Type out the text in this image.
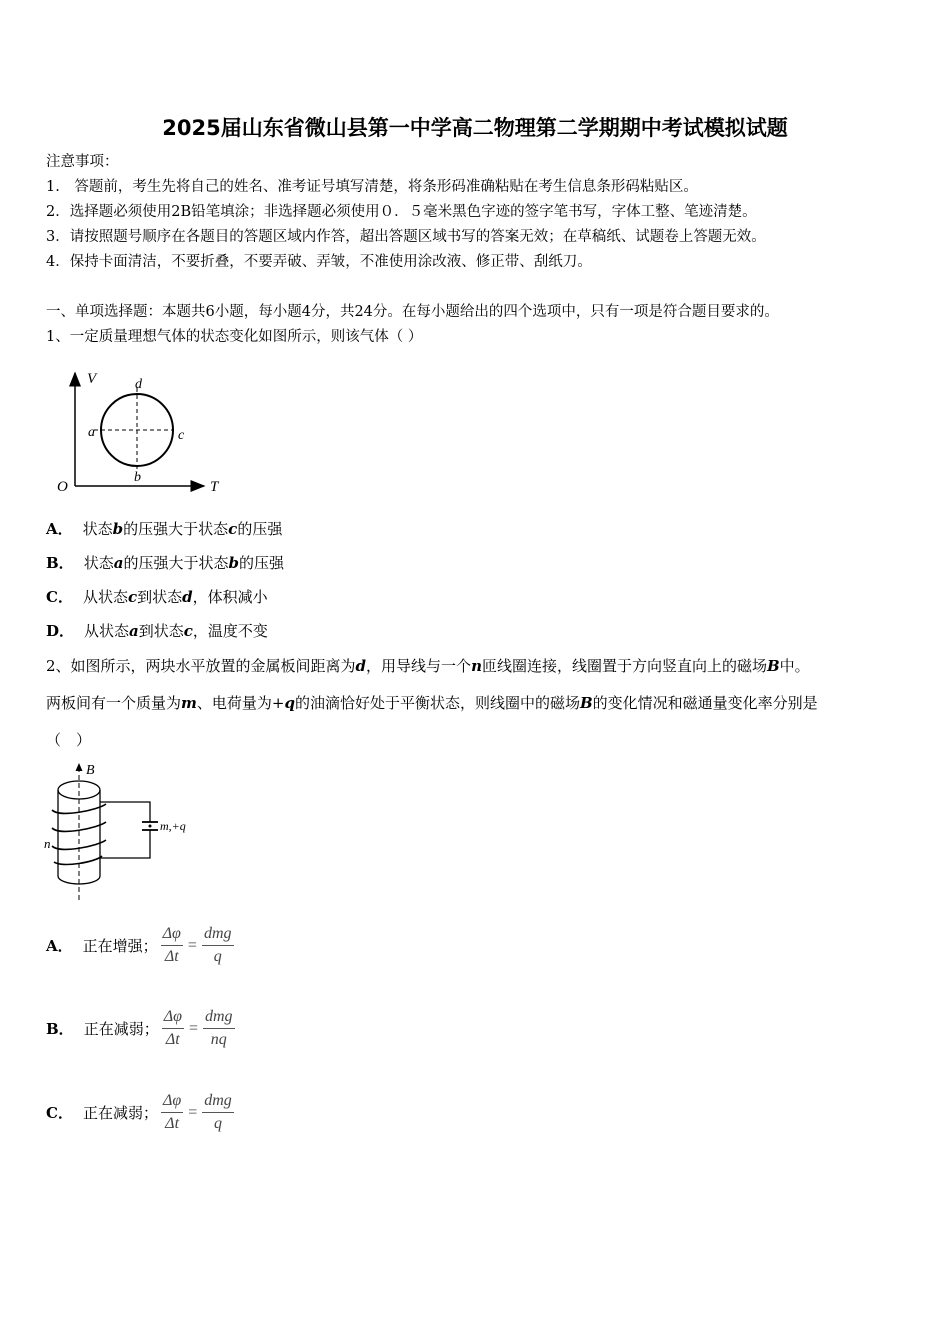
2025届山东省微山县第一中学高二物理第二学期期中考试模拟试题
注意事项：
1.　答题前，考生先将自己的姓名、准考证号填写清楚，将条形码准确粘贴在考生信息条形码粘贴区。
2．选择题必须使用2B铅笔填涂；非选择题必须使用０．５毫米黑色字迹的签字笔书写，字体工整、笔迹清楚。
3．请按照题号顺序在各题目的答题区域内作答，超出答题区域书写的答案无效；在草稿纸、试题卷上答题无效。
4．保持卡面清洁，不要折叠，不要弄破、弄皱，不准使用涂改液、修正带、刮纸刀。
一、单项选择题：本题共6小题，每小题4分，共24分。在每小题给出的四个选项中，只有一项是符合题目要求的。
1、一定质量理想气体的状态变化如图所示，则该气体（ ）
V
T
O
a
b
c
d
A． 状态b的压强大于状态c的压强
B． 状态a的压强大于状态b的压强
C． 从状态c到状态d，体积减小
D． 从状态a到状态c，温度不变
2、如图所示，两块水平放置的金属板间距离为d，用导线与一个n匝线圈连接，线圈置于方向竖直向上的磁场B中。
两板间有一个质量为m、电荷量为+q的油滴恰好处于平衡状态，则线圈中的磁场B的变化情况和磁通量变化率分别是
（　）
B
m,+q
n
A． 正在增强； $\frac{\Delta\varphi}{\Delta t} = \frac{\text{dmg}}{q}$
B． 正在减弱； $\frac{\Delta\varphi}{\Delta t} = \frac{\text{dmg}}{nq}$
C． 正在减弱； $\frac{\Delta\varphi}{\Delta t} = \frac{\text{dmg}}{q}$
